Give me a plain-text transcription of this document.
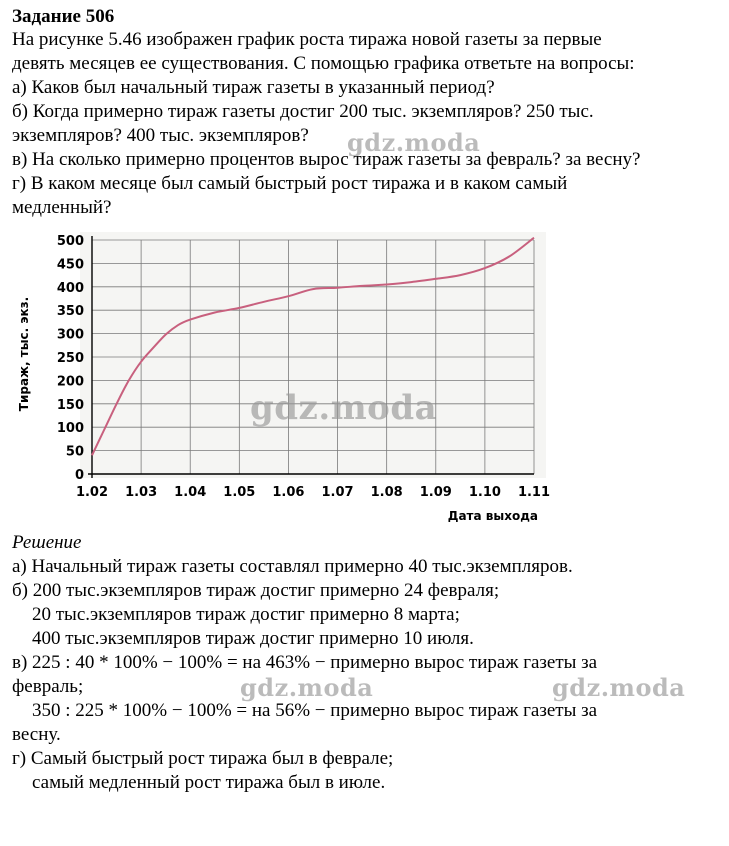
Задание 506
На рисунке 5.46 изображен график роста тиража новой газеты за первые
девять месяцев ее существования. С помощью графика ответьте на вопросы:
а) Каков был начальный тираж газеты в указанный период?
б) Когда примерно тираж газеты достиг 200 тыс. экземпляров? 250 тыс.
экземпляров? 400 тыс. экземпляров?
в) На сколько примерно процентов вырос тираж газеты за февраль? за весну?
г) В каком месяце был самый быстрый рост тиража и в каком самый
медленный?
0
50
100
150
200
250
300
350
400
450
500
1.02 1.03 1.04 1.05 1.06 1.07 1.08 1.09 1.10 1.11
Тираж, тыс. экз.
Дата выхода
Решение
а) Начальный тираж газеты составлял примерно 40 тыс.экземпляров.
б) 200 тыс.экземпляров тираж достиг примерно 24 февраля;
20 тыс.экземпляров тираж достиг примерно 8 марта;
400 тыс.экземпляров тираж достиг примерно 10 июля.
в) 225 : 40 * 100% − 100% = на 463% − примерно вырос тираж газеты за
февраль;
350 : 225 * 100% − 100% = на 56% − примерно вырос тираж газеты за
весну.
г) Самый быстрый рост тиража был в феврале;
самый медленный рост тиража был в июле.
gdz.moda
gdz.moda
gdz.moda	gdz.moda
